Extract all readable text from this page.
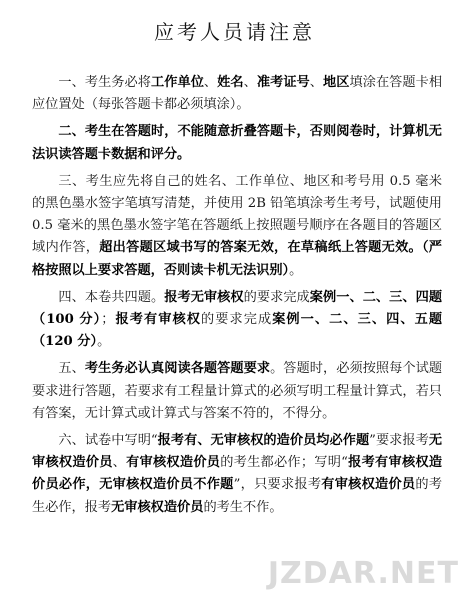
应考人员请注意

一、考生务必将工作单位、姓名、准考证号、地区填涂在答题卡相应位置处（每张答题卡都必须填涂）。

二、考生在答题时，不能随意折叠答题卡，否则阅卷时，计算机无法识读答题卡数据和评分。

三、考生应先将自己的姓名、工作单位、地区和考号用 0.5 毫米的黑色墨水签字笔填写清楚，并使用 2B 铅笔填涂考生考号，试题使用 0.5 毫米的黑色墨水签字笔在答题纸上按照题号顺序在各题目的答题区域内作答，超出答题区域书写的答案无效，在草稿纸上答题无效。（严格按照以上要求答题，否则读卡机无法识别）。

四、本卷共四题。报考无审核权的要求完成案例一、二、三、四题（100 分）；报考有审核权的要求完成案例一、二、三、四、五题（120 分）。

五、考生务必认真阅读各题答题要求。答题时，必须按照每个试题要求进行答题，若要求有工程量计算式的必须写明工程量计算式，若只有答案，无计算式或计算式与答案不符的，不得分。

六、试卷中写明“报考有、无审核权的造价员均必作题”要求报考无审核权造价员、有审核权造价员的考生都必作；写明“报考有审核权造价员必作，无审核权造价员不作题”，只要求报考有审核权造价员的考生必作，报考无审核权造价员的考生不作。

JZDAR.NET
